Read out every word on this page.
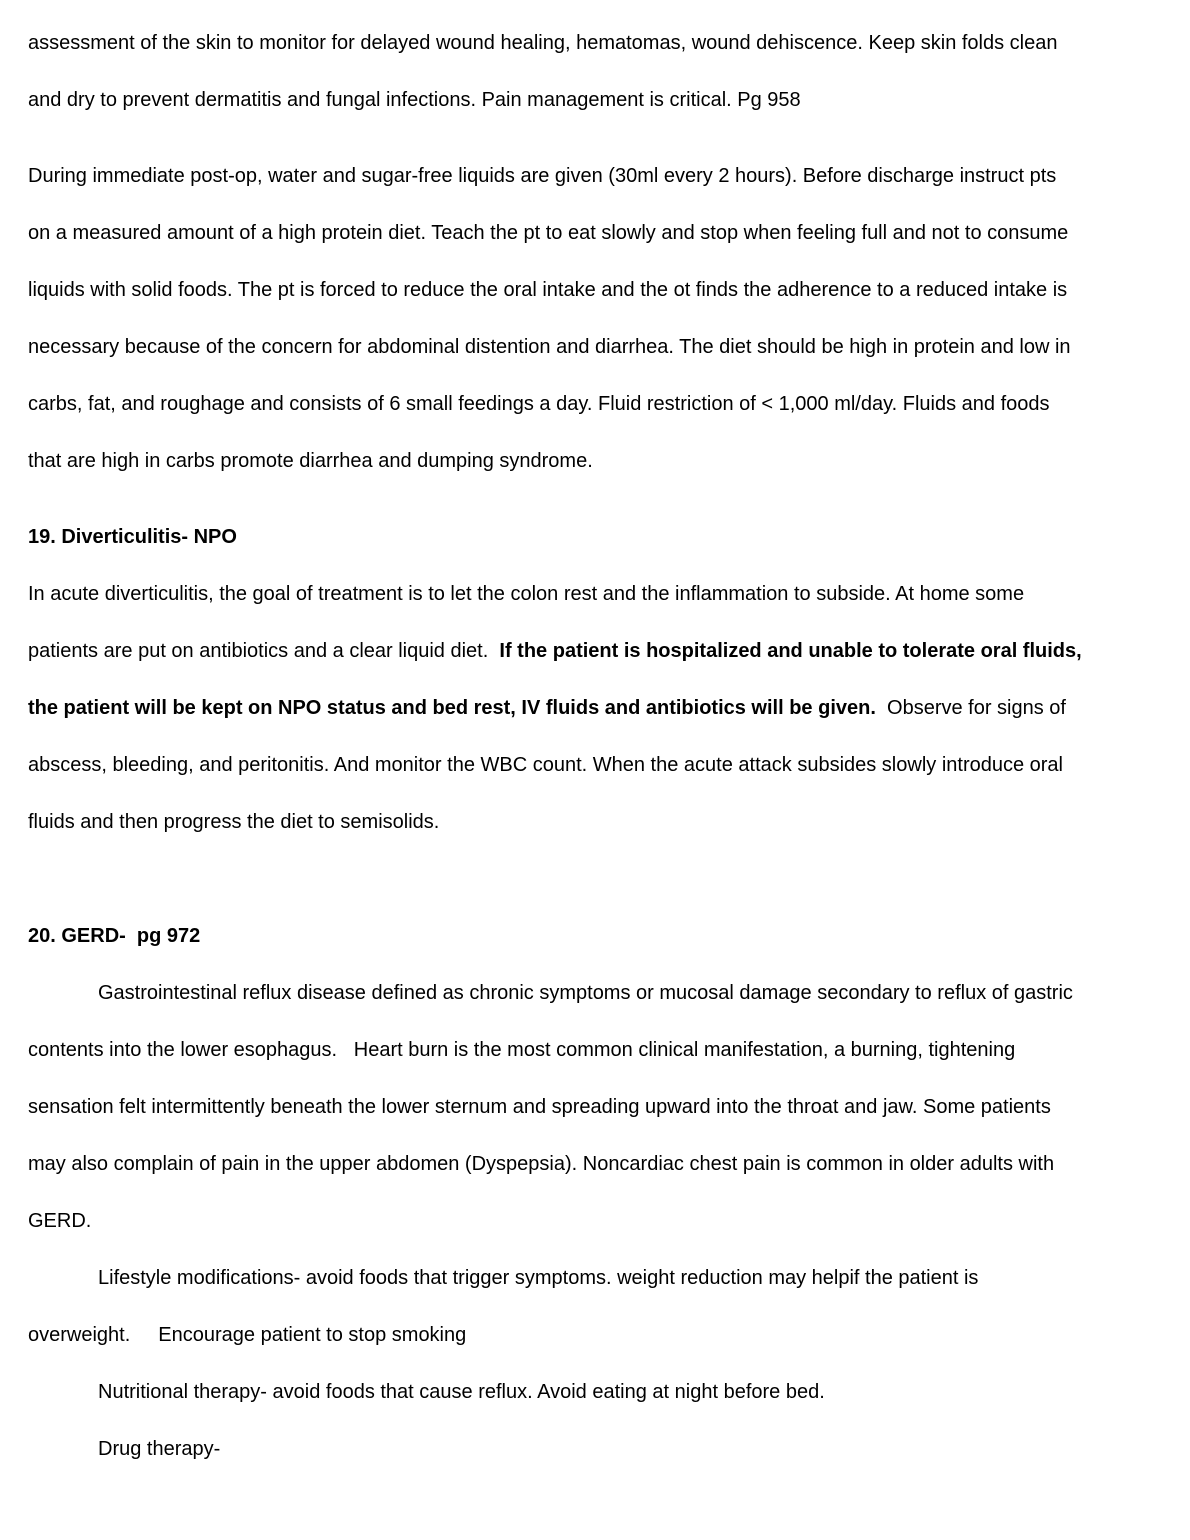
assessment of the skin to monitor for delayed wound healing, hematomas, wound dehiscence. Keep skin folds clean
and dry to prevent dermatitis and fungal infections. Pain management is critical. Pg 958
During immediate post-op, water and sugar-free liquids are given (30ml every 2 hours). Before discharge instruct pts
on a measured amount of a high protein diet. Teach the pt to eat slowly and stop when feeling full and not to consume
liquids with solid foods. The pt is forced to reduce the oral intake and the ot finds the adherence to a reduced intake is
necessary because of the concern for abdominal distention and diarrhea. The diet should be high in protein and low in
carbs, fat, and roughage and consists of 6 small feedings a day. Fluid restriction of < 1,000 ml/day. Fluids and foods
that are high in carbs promote diarrhea and dumping syndrome.
19. Diverticulitis- NPO
In acute diverticulitis, the goal of treatment is to let the colon rest and the inflammation to subside. At home some
patients are put on antibiotics and a clear liquid diet.  If the patient is hospitalized and unable to tolerate oral fluids,
the patient will be kept on NPO status and bed rest, IV fluids and antibiotics will be given.  Observe for signs of
abscess, bleeding, and peritonitis. And monitor the WBC count. When the acute attack subsides slowly introduce oral
fluids and then progress the diet to semisolids.
20. GERD-  pg 972
Gastrointestinal reflux disease defined as chronic symptoms or mucosal damage secondary to reflux of gastric
contents into the lower esophagus.   Heart burn is the most common clinical manifestation, a burning, tightening
sensation felt intermittently beneath the lower sternum and spreading upward into the throat and jaw. Some patients
may also complain of pain in the upper abdomen (Dyspepsia). Noncardiac chest pain is common in older adults with
GERD.
Lifestyle modifications- avoid foods that trigger symptoms. weight reduction may helpif the patient is
overweight. Encourage patient to stop smoking
Nutritional therapy- avoid foods that cause reflux. Avoid eating at night before bed.
Drug therapy-
